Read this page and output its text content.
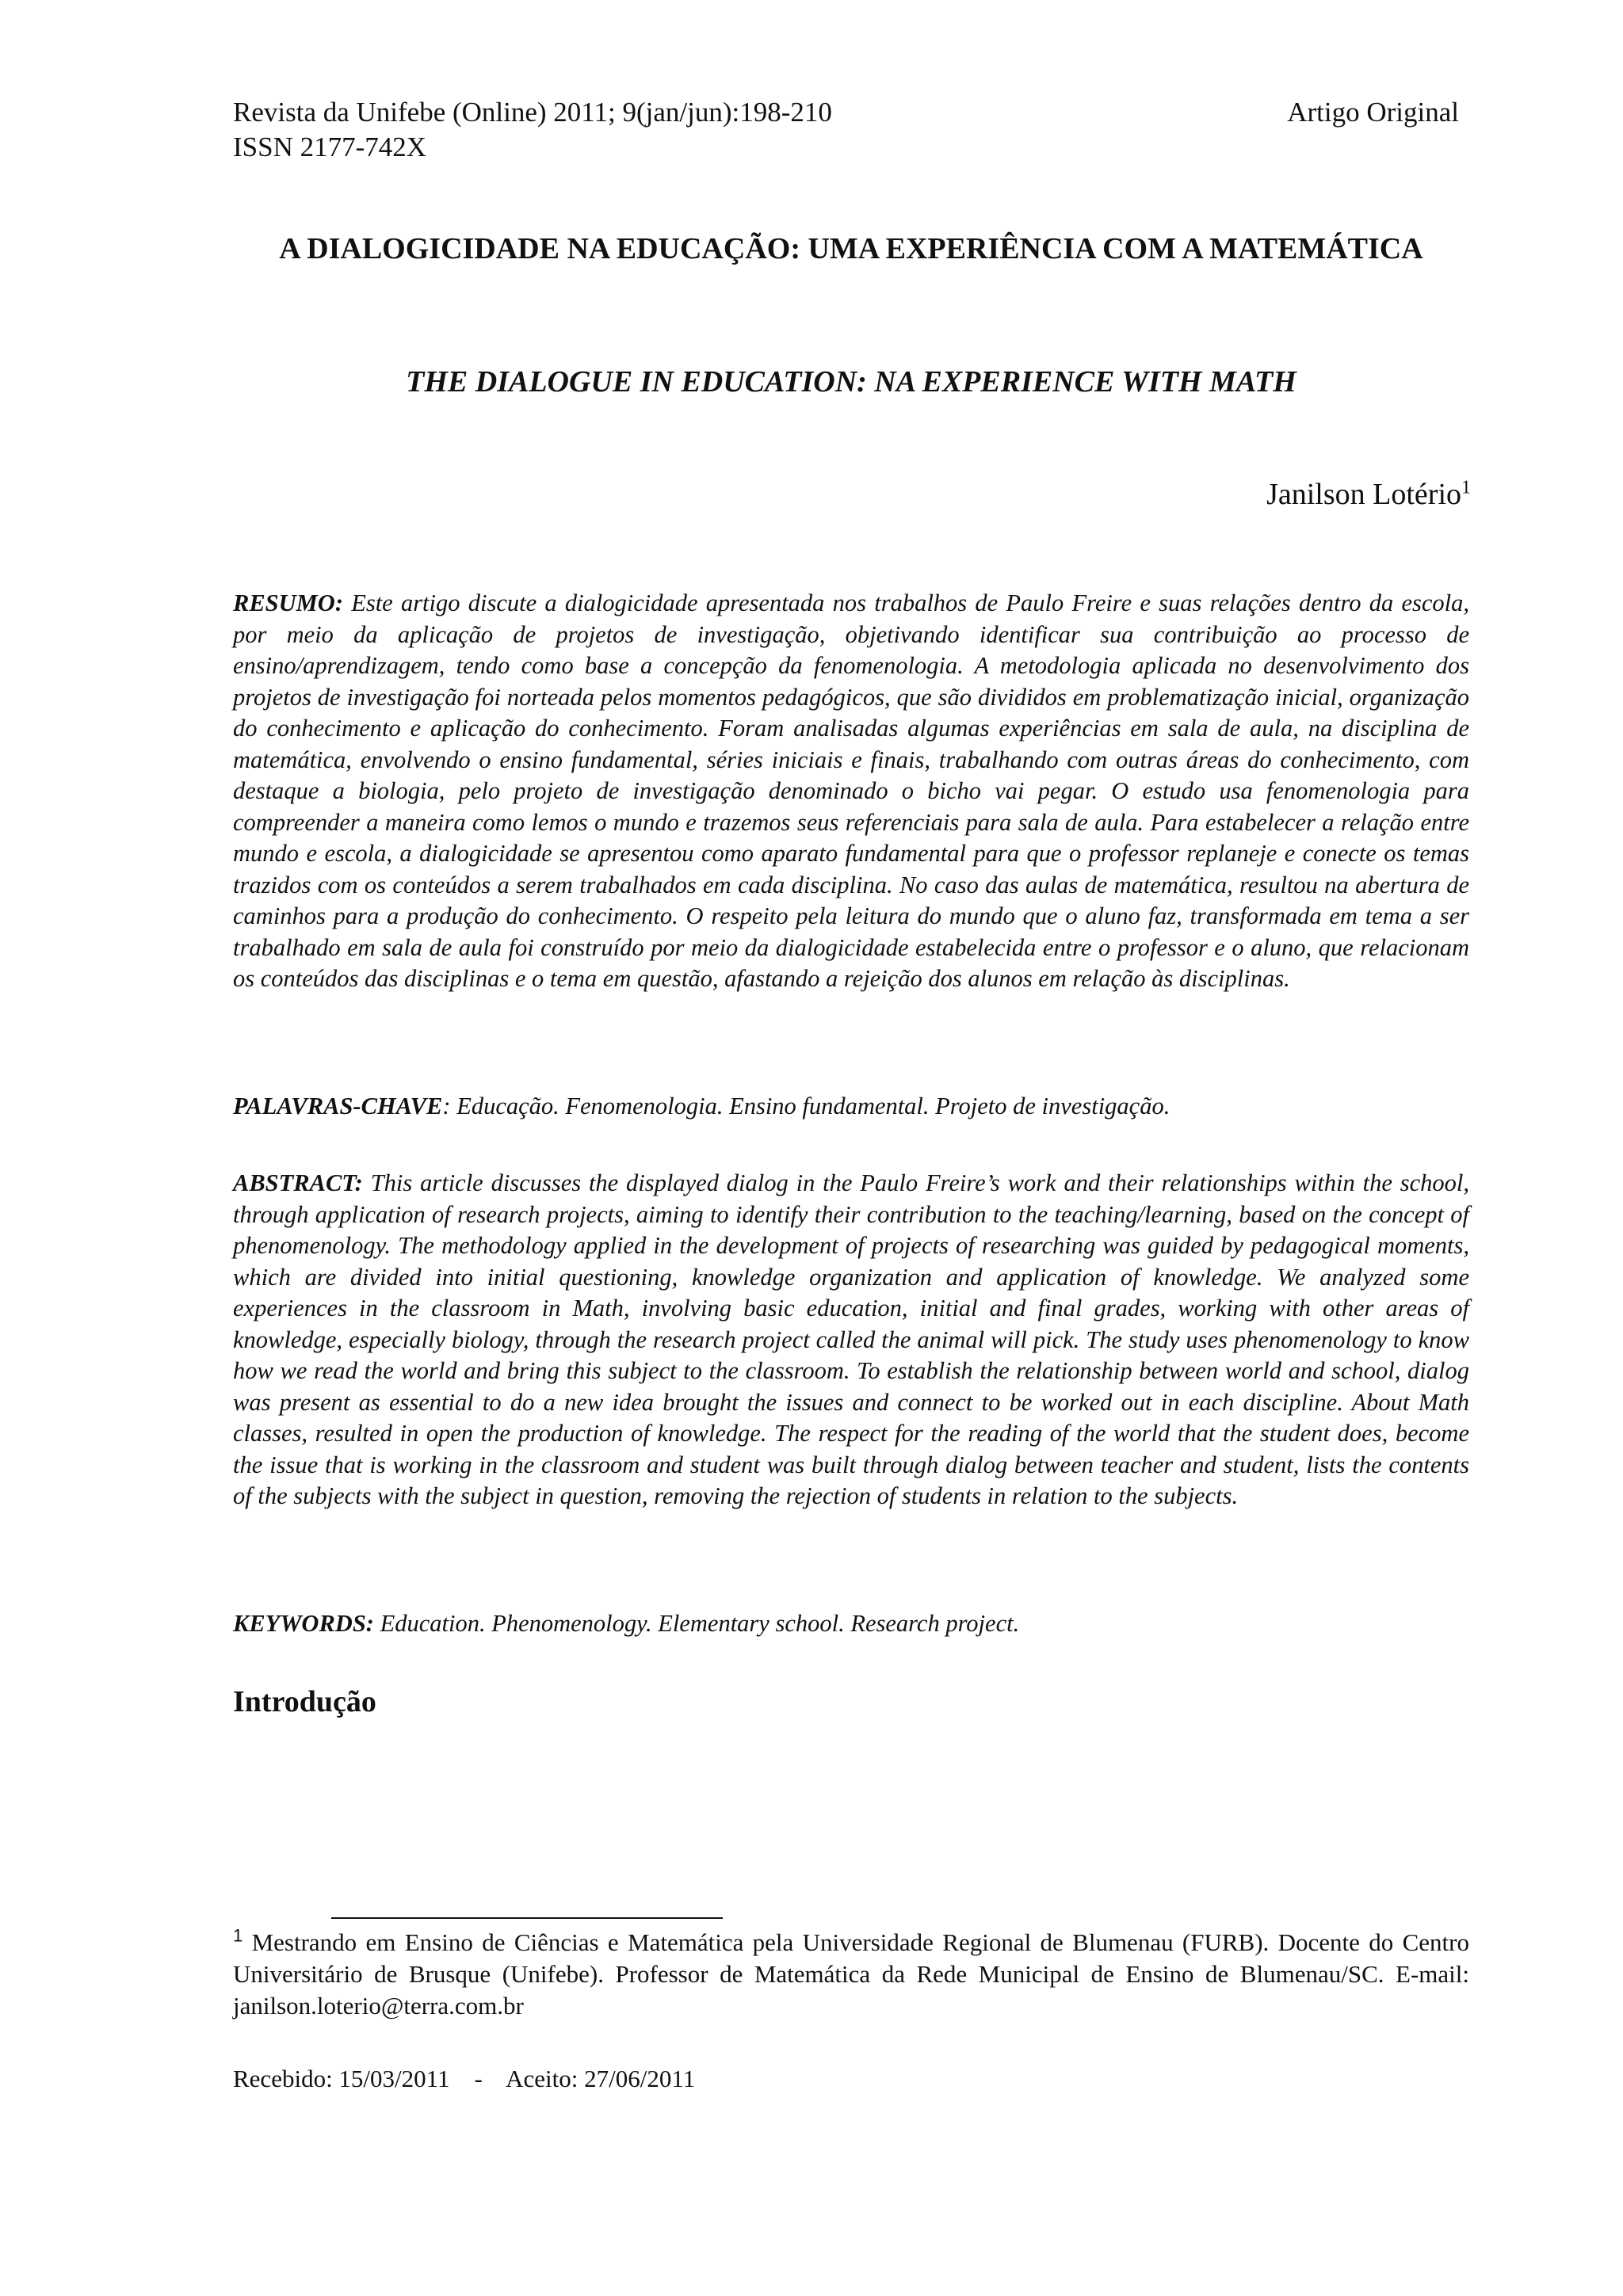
Revista da Unifebe (Online) 2011; 9(jan/jun):198-210
ISSN 2177-742X
Artigo Original
A DIALOGICIDADE NA EDUCAÇÃO: UMA EXPERIÊNCIA COM A MATEMÁTICA
THE DIALOGUE IN EDUCATION: NA EXPERIENCE WITH MATH
Janilson Lotério$^1$

RESUMO: Este artigo discute a dialogicidade apresentada nos trabalhos de Paulo Freire e suas relações dentro da escola, por meio da aplicação de projetos de investigação, objetivando identificar sua contribuição ao processo de ensino/aprendizagem, tendo como base a concepção da fenomenologia. A metodologia aplicada no desenvolvimento dos projetos de investigação foi norteada pelos momentos pedagógicos, que são divididos em problematização inicial, organização do conhecimento e aplicação do conhecimento. Foram analisadas algumas experiências em sala de aula, na disciplina de matemática, envolvendo o ensino fundamental, séries iniciais e finais, trabalhando com outras áreas do conhecimento, com destaque a biologia, pelo projeto de investigação denominado o bicho vai pegar. O estudo usa fenomenologia para compreender a maneira como lemos o mundo e trazemos seus referenciais para sala de aula. Para estabelecer a relação entre mundo e escola, a dialogicidade se apresentou como aparato fundamental para que o professor replaneje e conecte os temas trazidos com os conteúdos a serem trabalhados em cada disciplina. No caso das aulas de matemática, resultou na abertura de caminhos para a produção do conhecimento. O respeito pela leitura do mundo que o aluno faz, transformada em tema a ser trabalhado em sala de aula foi construído por meio da dialogicidade estabelecida entre o professor e o aluno, que relacionam os conteúdos das disciplinas e o tema em questão, afastando a rejeição dos alunos em relação às disciplinas.

PALAVRAS-CHAVE: Educação. Fenomenologia. Ensino fundamental. Projeto de investigação.

ABSTRACT: This article discusses the displayed dialog in the Paulo Freire’s work and their relationships within the school, through application of research projects, aiming to identify their contribution to the teaching/learning, based on the concept of phenomenology. The methodology applied in the development of projects of researching was guided by pedagogical moments, which are divided into initial questioning, knowledge organization and application of knowledge. We analyzed some experiences in the classroom in Math, involving basic education, initial and final grades, working with other areas of knowledge, especially biology, through the research project called the animal will pick. The study uses phenomenology to know how we read the world and bring this subject to the classroom. To establish the relationship between world and school, dialog was present as essential to do a new idea brought the issues and connect to be worked out in each discipline. About Math classes, resulted in open the production of knowledge. The respect for the reading of the world that the student does, become the issue that is working in the classroom and student was built through dialog between teacher and student, lists the contents of the subjects with the subject in question, removing the rejection of students in relation to the subjects.

KEYWORDS: Education. Phenomenology. Elementary school. Research project.

Introdução

$^1$ Mestrando em Ensino de Ciências e Matemática pela Universidade Regional de Blumenau (FURB). Docente do Centro Universitário de Brusque (Unifebe). Professor de Matemática da Rede Municipal de Ensino de Blumenau/SC. E-mail: janilson.loterio@terra.com.br

Recebido: 15/03/2011    -    Aceito: 27/06/2011
